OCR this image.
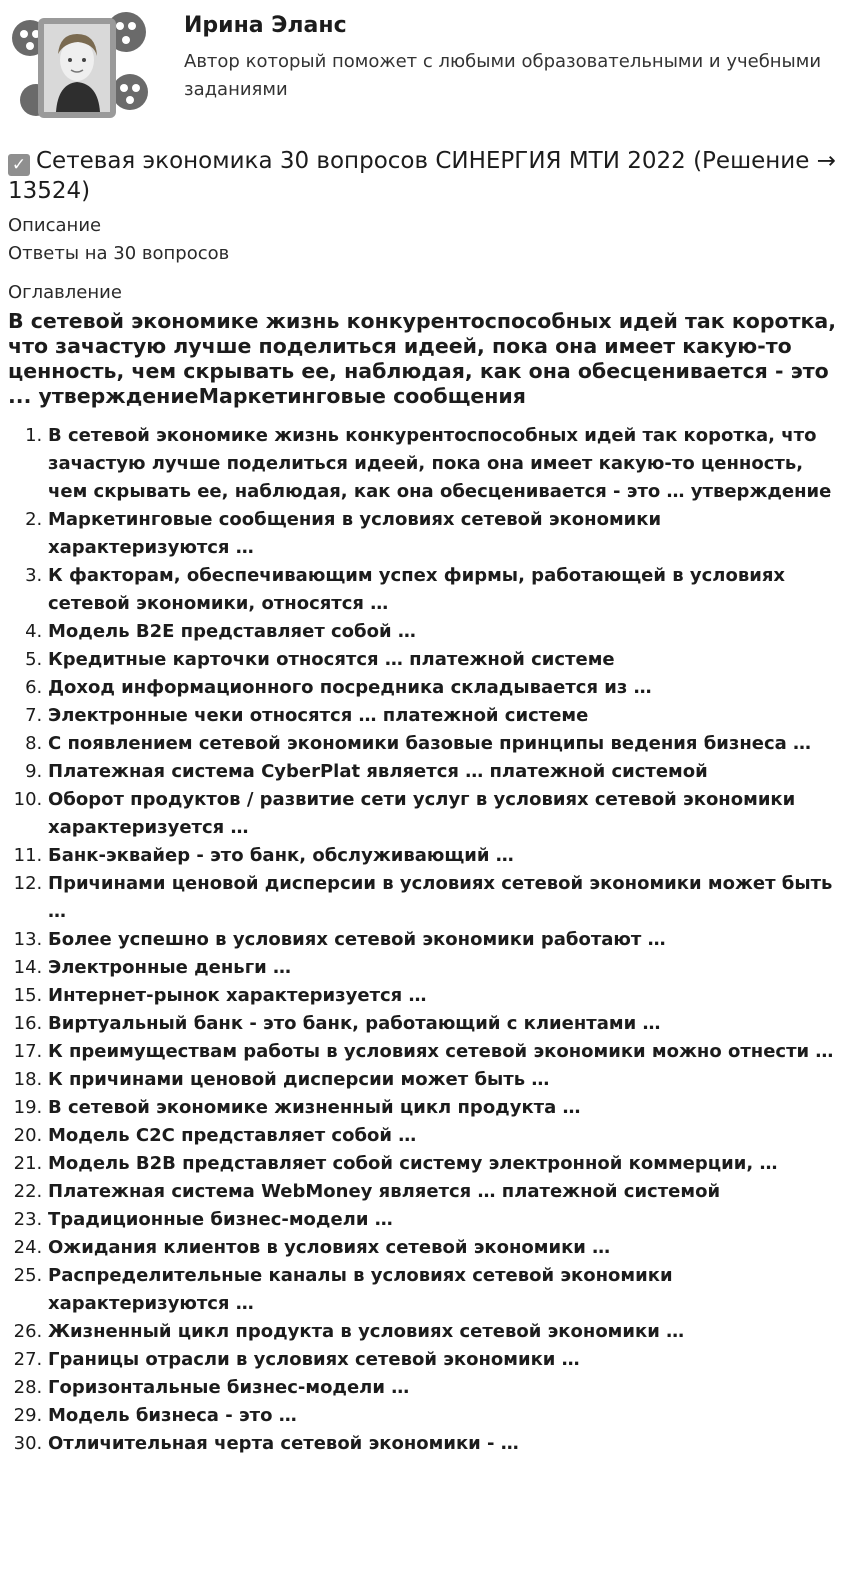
Ирина Эланс
Автор который поможет с любыми образовательными и учебными заданиями
✓ Сетевая экономика 30 вопросов СИНЕРГИЯ МТИ 2022 (Решение → 13524)
Описание
Ответы на 30 вопросов
Оглавление
В сетевой экономике жизнь конкурентоспособных идей так коротка, что зачастую лучше поделиться идеей, пока она имеет какую-то ценность, чем скрывать ее, наблюдая, как она обесценивается - это ... утверждениеМаркетинговые сообщения
1. В сетевой экономике жизнь конкурентоспособных идей так коротка, что зачастую лучше поделиться идеей, пока она имеет какую-то ценность, чем скрывать ее, наблюдая, как она обесценивается - это … утверждение
2. Маркетинговые сообщения в условиях сетевой экономики характеризуются …
3. К факторам, обеспечивающим успех фирмы, работающей в условиях сетевой экономики, относятся …
4. Модель B2E представляет собой …
5. Кредитные карточки относятся … платежной системе
6. Доход информационного посредника складывается из …
7. Электронные чеки относятся … платежной системе
8. С появлением сетевой экономики базовые принципы ведения бизнеса …
9. Платежная система CyberPlat является … платежной системой
10. Оборот продуктов / развитие сети услуг в условиях сетевой экономики характеризуется …
11. Банк-эквайер - это банк, обслуживающий …
12. Причинами ценовой дисперсии в условиях сетевой экономики может быть …
13. Более успешно в условиях сетевой экономики работают …
14. Электронные деньги …
15. Интернет-рынок характеризуется …
16. Виртуальный банк - это банк, работающий с клиентами …
17. К преимуществам работы в условиях сетевой экономики можно отнести …
18. К причинами ценовой дисперсии может быть …
19. В сетевой экономике жизненный цикл продукта …
20. Модель C2C представляет собой …
21. Модель B2B представляет собой систему электронной коммерции, …
22. Платежная система WebMoney является … платежной системой
23. Традиционные бизнес-модели …
24. Ожидания клиентов в условиях сетевой экономики …
25. Распределительные каналы в условиях сетевой экономики характеризуются …
26. Жизненный цикл продукта в условиях сетевой экономики …
27. Границы отрасли в условиях сетевой экономики …
28. Горизонтальные бизнес-модели …
29. Модель бизнеса - это …
30. Отличительная черта сетевой экономики - …
